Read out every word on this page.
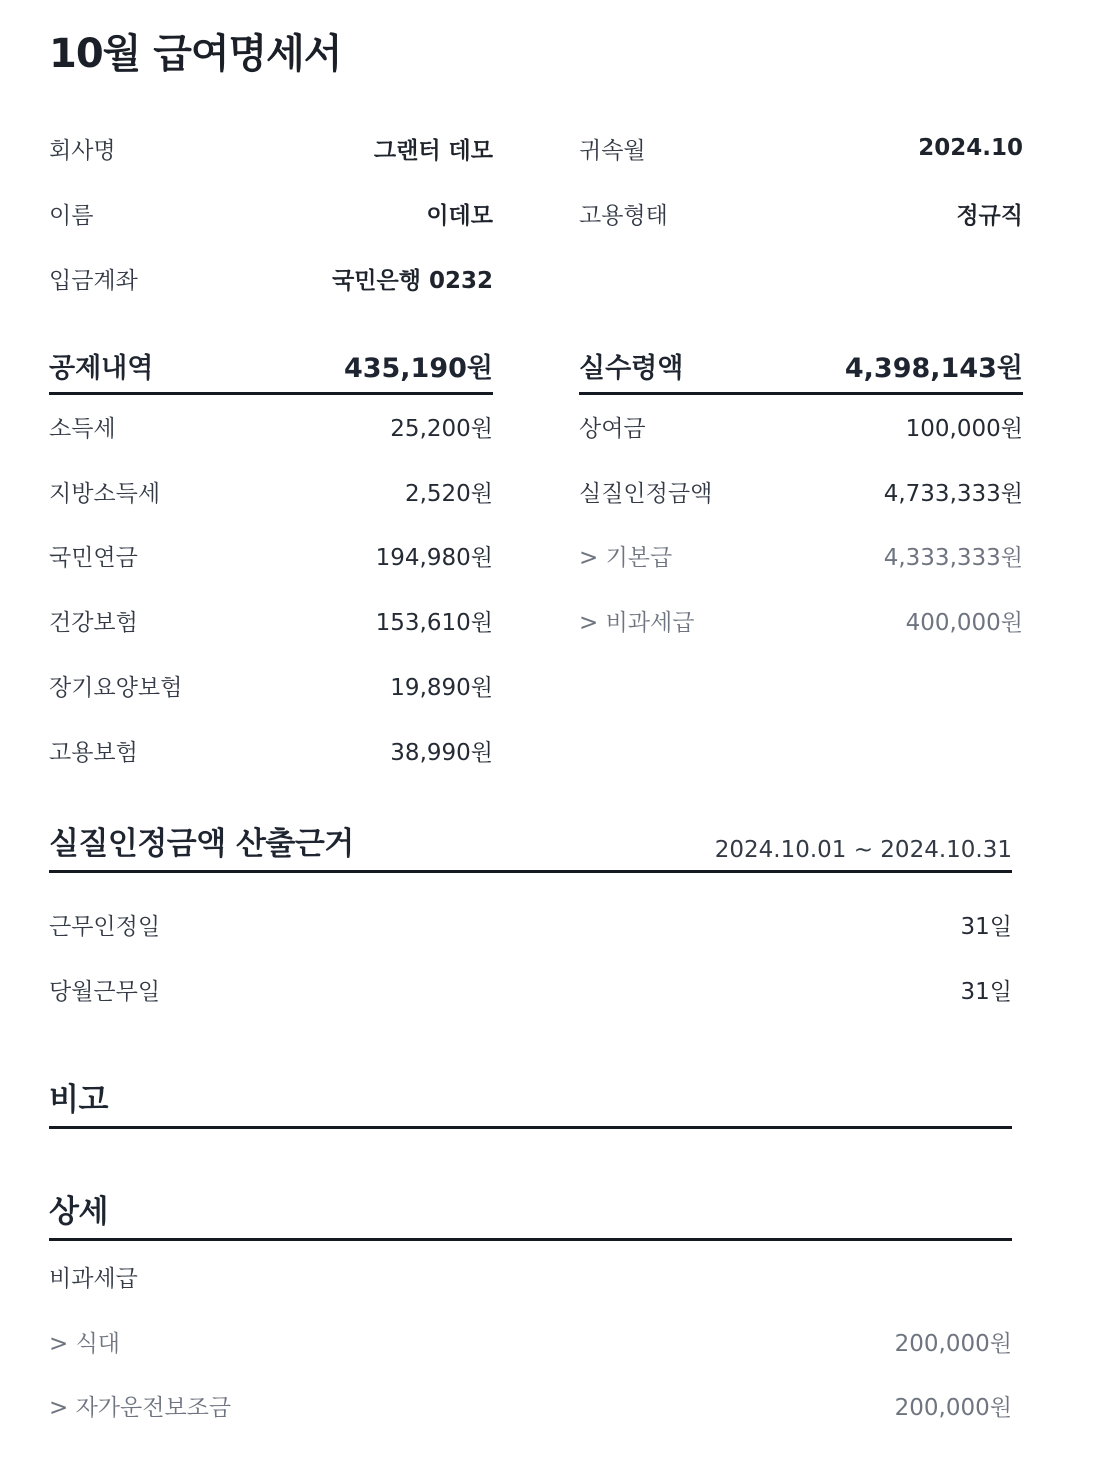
10월 급여명세서
회사명	그랜터 데모
이름	이데모
입금계좌	국민은행 0232
귀속월	2024.10
고용형태	정규직
공제내역	435,190원
소득세	25,200원
지방소득세	2,520원
국민연금	194,980원
건강보험	153,610원
장기요양보험	19,890원
고용보험	38,990원
실수령액	4,398,143원
상여금	100,000원
실질인정금액	4,733,333원
> 기본급	4,333,333원
> 비과세급	400,000원
실질인정금액 산출근거	2024.10.01 ~ 2024.10.31
근무인정일	31일
당월근무일	31일
비고
상세
비과세급
> 식대	200,000원
> 자가운전보조금	200,000원
